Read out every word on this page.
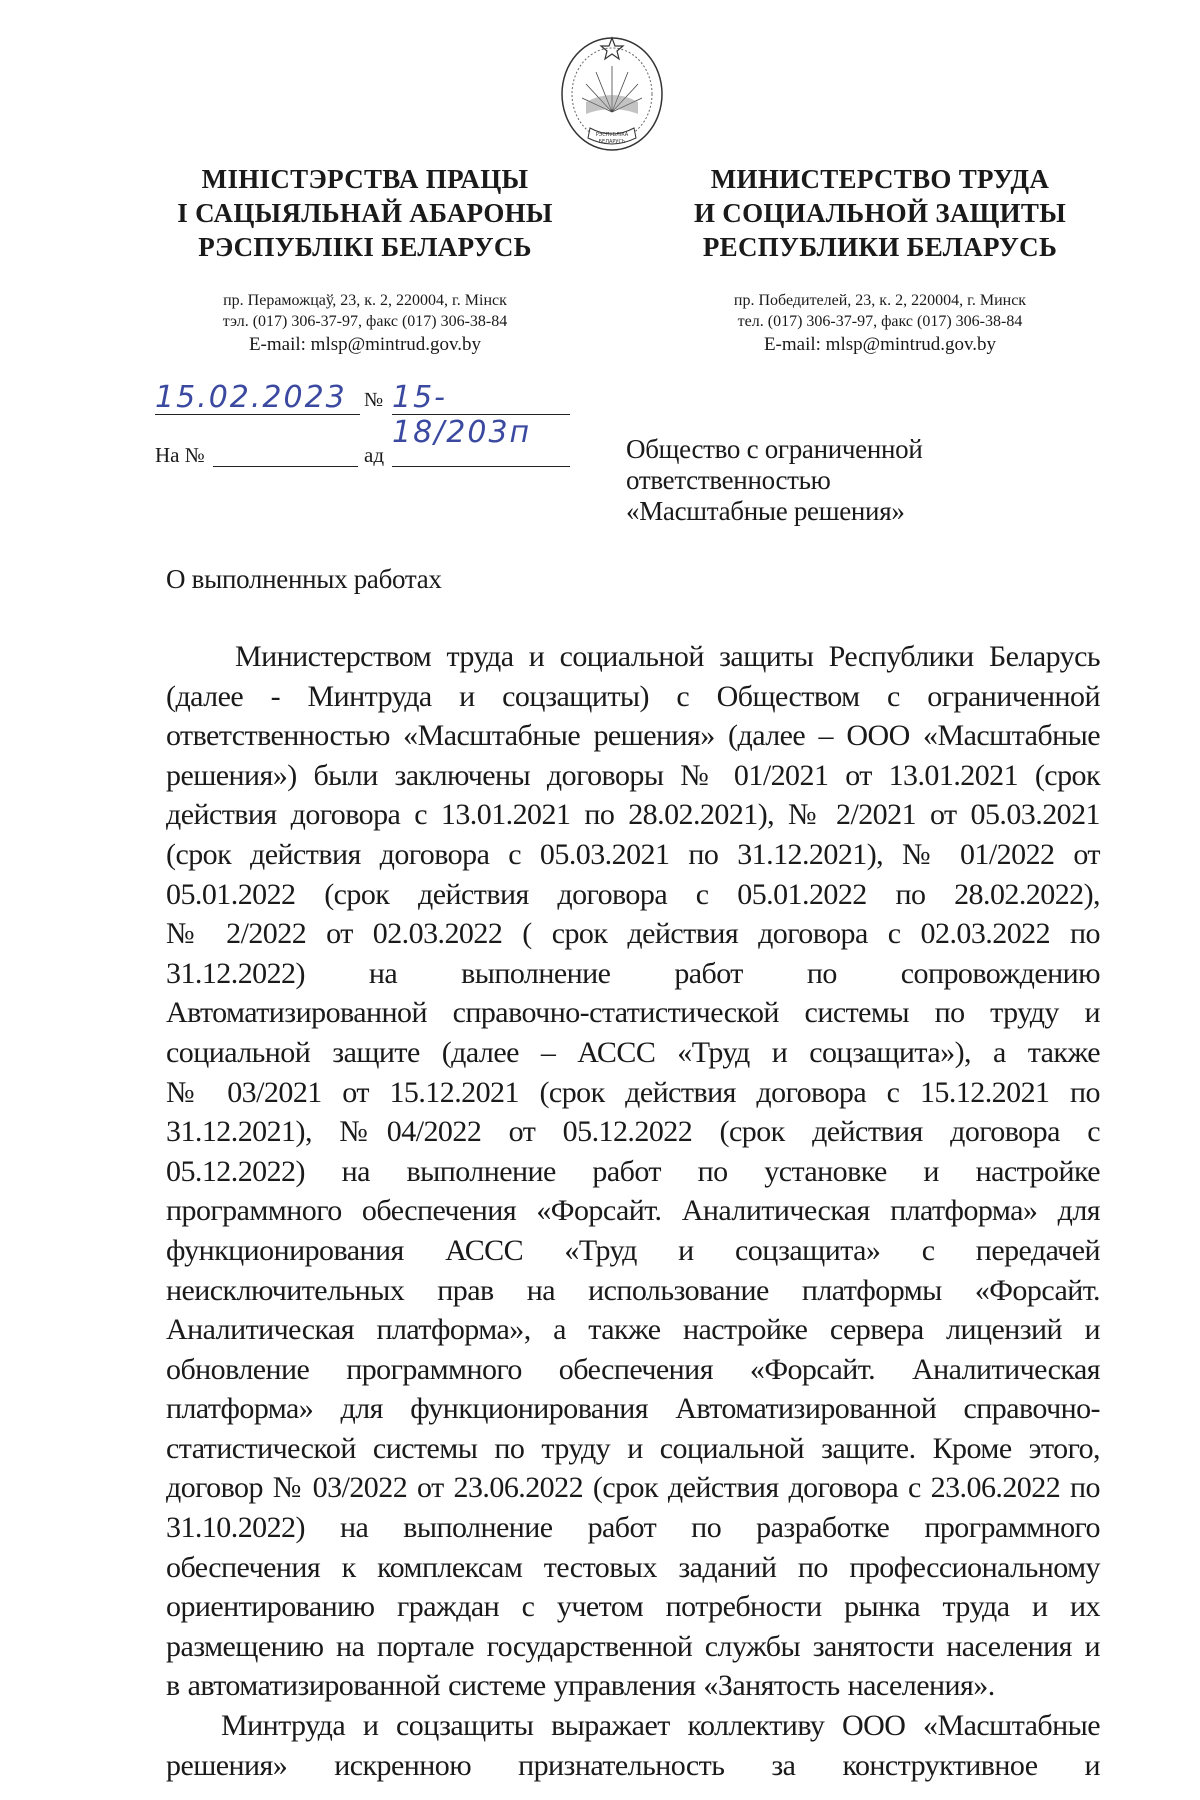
РЭСПУБЛІКА
БЕЛАРУСЬ
МІНІСТЭРСТВА ПРАЦЫ
І САЦЫЯЛЬНАЙ АБАРОНЫ
РЭСПУБЛІКІ БЕЛАРУСЬ
МИНИСТЕРСТВО ТРУДА
И СОЦИАЛЬНОЙ ЗАЩИТЫ
РЕСПУБЛИКИ БЕЛАРУСЬ
пр. Пераможцаў, 23, к. 2, 220004, г. Мінск
тэл. (017) 306-37-97, факс (017) 306-38-84
E-mail: mlsp@mintrud.gov.by
пр. Победителей, 23, к. 2, 220004, г. Минск
тел. (017) 306-37-97, факс (017) 306-38-84
E-mail: mlsp@mintrud.gov.by
15.02.2023 № 15-18/203п
На №	ад	Общество с ограниченной
ответственностью
«Масштабные решения»
О выполненных работах
Министерством труда и социальной защиты Республики Беларусь
(далее - Минтруда и соцзащиты) с Обществом с ограниченной
ответственностью «Масштабные решения» (далее – ООО «Масштабные
решения») были заключены договоры № 01/2021 от 13.01.2021 (срок
действия договора с 13.01.2021 по 28.02.2021), № 2/2021 от 05.03.2021
(срок действия договора с 05.03.2021 по 31.12.2021), № 01/2022 от
05.01.2022 (срок действия договора с 05.01.2022 по 28.02.2022),
№ 2/2022 от 02.03.2022 ( срок действия договора с 02.03.2022 по
31.12.2022) на выполнение работ по сопровождению
Автоматизированной справочно-статистической системы по труду и
социальной защите (далее – АССС «Труд и соцзащита»), а также
№ 03/2021 от 15.12.2021 (срок действия договора с 15.12.2021 по
31.12.2021), №04/2022 от 05.12.2022 (срок действия договора с
05.12.2022) на выполнение работ по установке и настройке
программного обеспечения «Форсайт. Аналитическая платформа» для
функционирования АССС «Труд и соцзащита» с передачей
неисключительных прав на использование платформы «Форсайт.
Аналитическая платформа», а также настройке сервера лицензий и
обновление программного обеспечения «Форсайт. Аналитическая
платформа» для функционирования Автоматизированной справочно-
статистической системы по труду и социальной защите. Кроме этого,
договор № 03/2022 от 23.06.2022 (срок действия договора с 23.06.2022 по
31.10.2022) на выполнение работ по разработке программного
обеспечения к комплексам тестовых заданий по профессиональному
ориентированию граждан с учетом потребности рынка труда и их
размещению на портале государственной службы занятости населения и
в автоматизированной системе управления «Занятость населения».
Минтруда и соцзащиты выражает коллективу ООО «Масштабные
решения» искренною признательность за конструктивное и
